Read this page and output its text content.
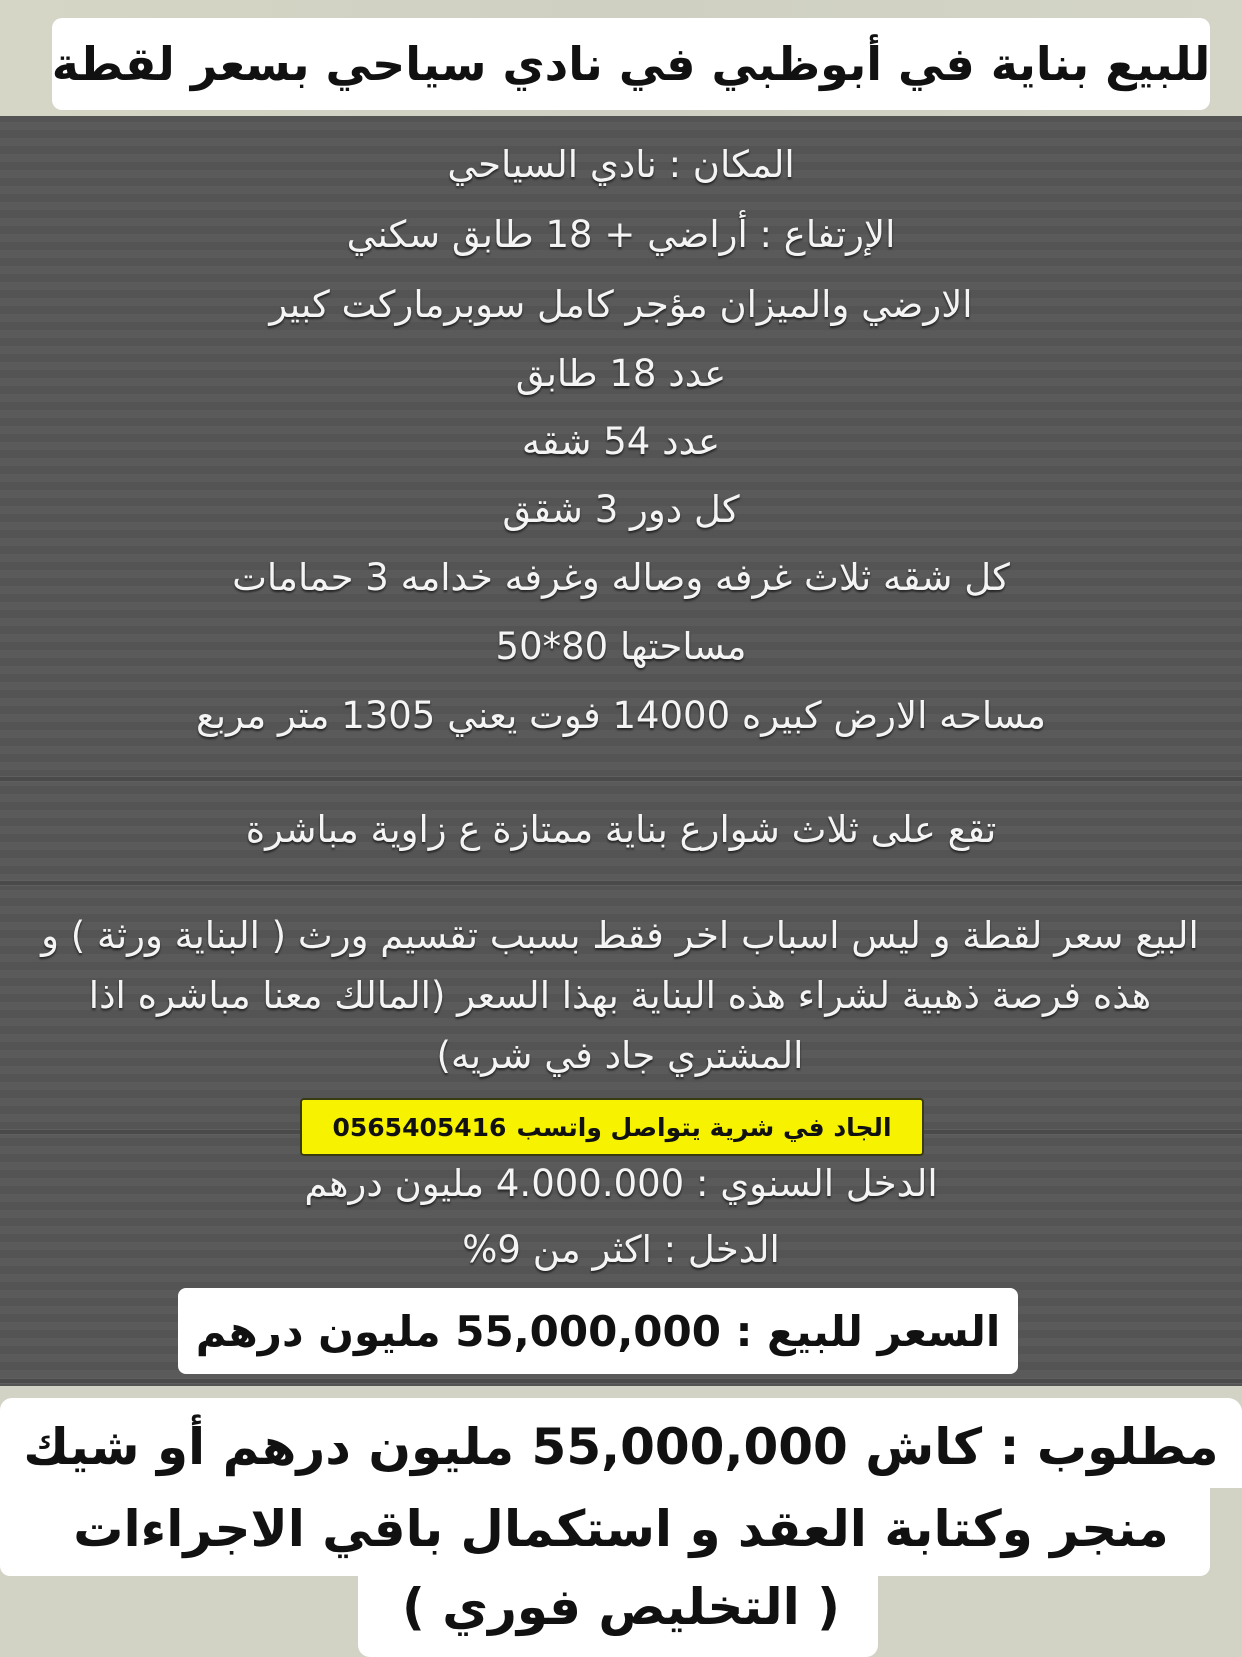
للبيع بناية في أبوظبي في نادي سياحي بسعر لقطة
المكان : نادي السياحي
الإرتفاع : أراضي + 18 طابق سكني
الارضي والميزان مؤجر كامل سوبرماركت كبير
عدد 18 طابق
عدد 54 شقه
كل دور 3 شقق
كل شقه ثلاث غرفه وصاله وغرفه خدامه 3 حمامات
مساحتها 80*50
مساحه الارض كبيره 14000 فوت يعني 1305 متر مربع
تقع على ثلاث شوارع بناية ممتازة ع زاوية مباشرة
البيع سعر لقطة و ليس اسباب اخر فقط بسبب تقسيم ورث ( البناية ورثة ) و هذه فرصة ذهبية لشراء هذه البناية بهذا السعر (المالك معنا مباشره اذا المشتري جاد في شريه)
الجاد في شرية يتواصل واتسب
0565405416
الدخل السنوي : 4.000.000 مليون درهم
الدخل : اكثر من 9%
السعر للبيع : 55,000,000 مليون درهم
مطلوب : كاش 55,000,000 مليون درهم أو شيك
منجر وكتابة العقد و استكمال باقي الاجراءات
( التخليص فوري )
